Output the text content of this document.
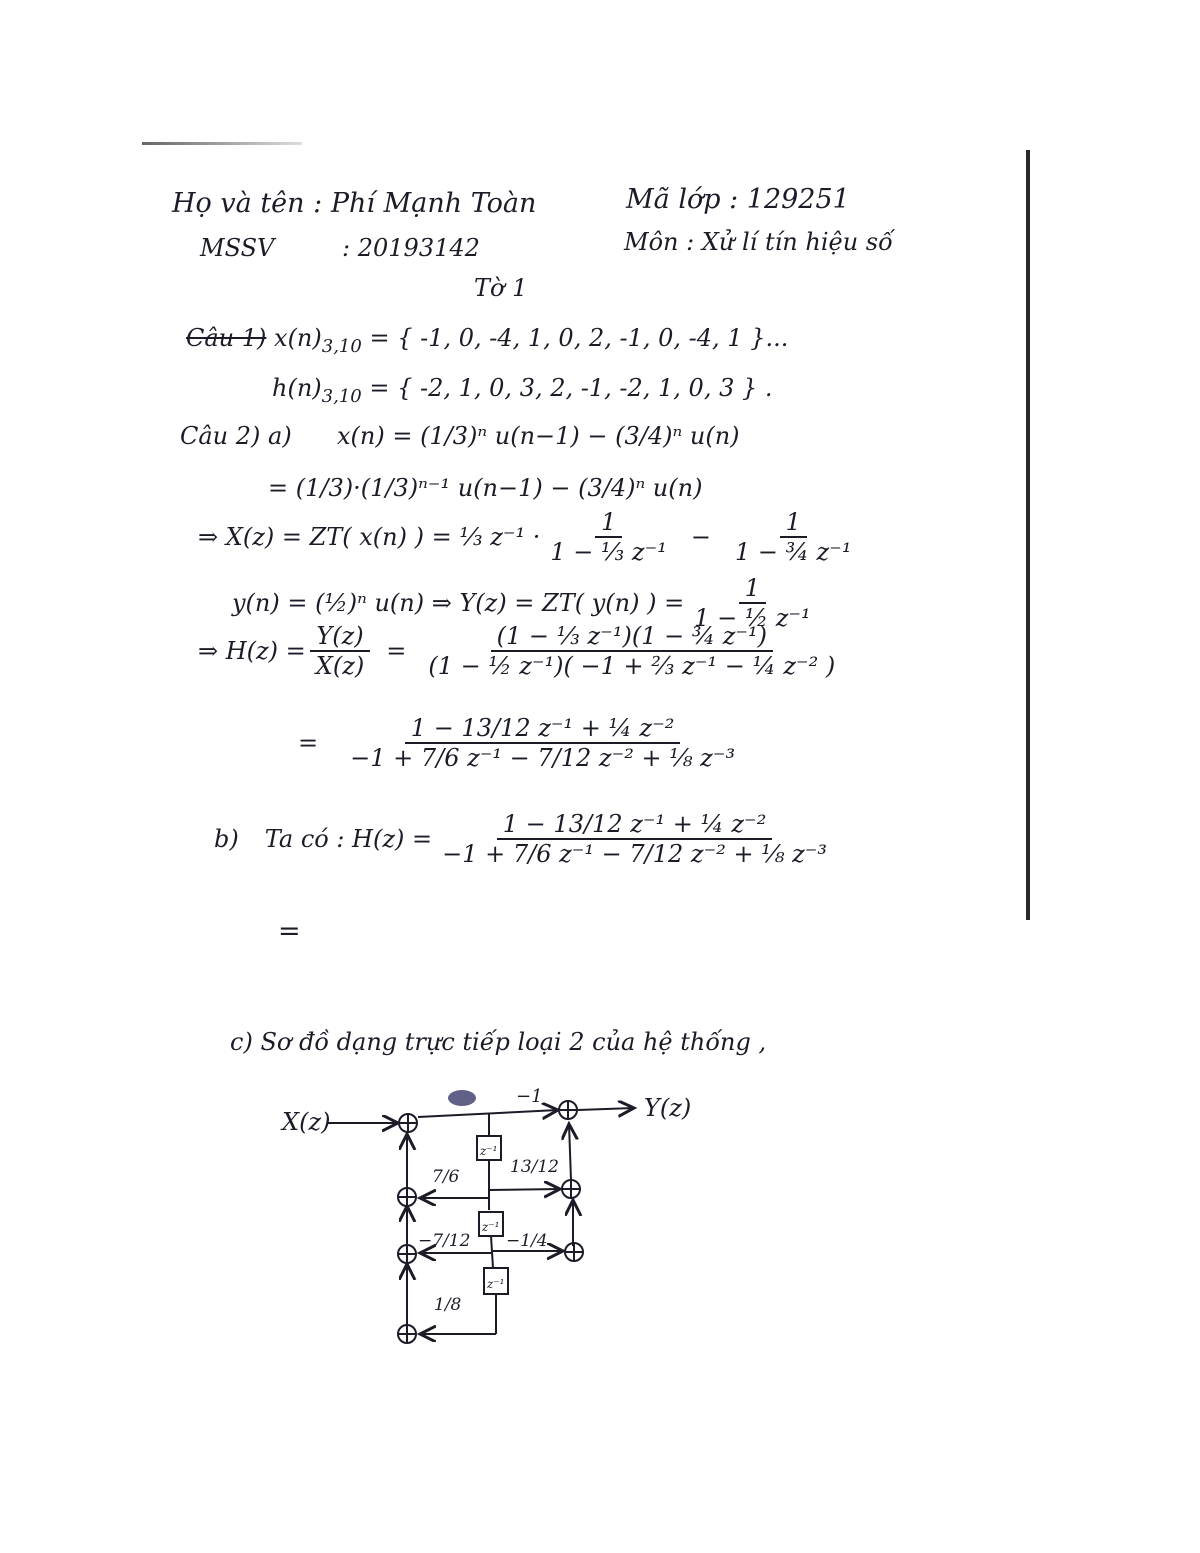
Họ và tên : Phí Mạnh Toàn	Mã lớp : 129251
MSSV	: 20193142	Môn : Xử lí tín hiệu số
Tờ 1
Câu 1) $x(n)_{3,10}$ = { -1, 0, -4, 1, 0, 2, -1, 0, -4, 1 }...
$h(n)_{3,10}$ = { -2, 1, 0, 3, 2, -1, -2, 1, 0, 3 } .
Câu 2) a) x(n) = (1/3)ⁿ u(n−1) − (3/4)ⁿ u(n)
= (1/3)·(1/3)ⁿ⁻¹ u(n−1) − (3/4)ⁿ u(n)
⇒ X(z) = ZT( x(n) ) = ⅓ $z^{-1} \cdot \frac{1}{\text{1 − ⅓ z⁻¹}} - \frac{1}{\text{1 − ¾ z⁻¹}}$
y(n) = (½)ⁿ u(n) ⇒ Y(z) = ZT( y(n) ) = $\frac{1}{\text{1 − ½ z⁻¹}}$
⇒ $H(z) = \frac{Y(z)}{X(z)} = \frac{\text{(1 − ⅓ z⁻¹)(1 − ¾ z⁻¹)}}{\text{(1 − ½ z⁻¹)( −1 + ⅔ z⁻¹ − ¼ z⁻² )}}$
= $\frac{\text{1 − 13/12 z⁻¹ + ¼ z⁻²}}{\text{−1 + 7/6 z⁻¹ − 7/12 z⁻² + ⅛ z⁻³}}$
b) Ta có : $H(z) = \frac{\text{1 − 13/12 z⁻¹ + ¼ z⁻²}}{\text{−1 + 7/6 z⁻¹ − 7/12 z⁻² + ⅛ z⁻³}}$
=
c) Sơ đồ dạng trực tiếp loại 2 của hệ thống ,
X(z)	Y(z)
−1
z⁻¹
z⁻¹
z⁻¹
7/6
−7/12
1/8
13/12
−1/4
